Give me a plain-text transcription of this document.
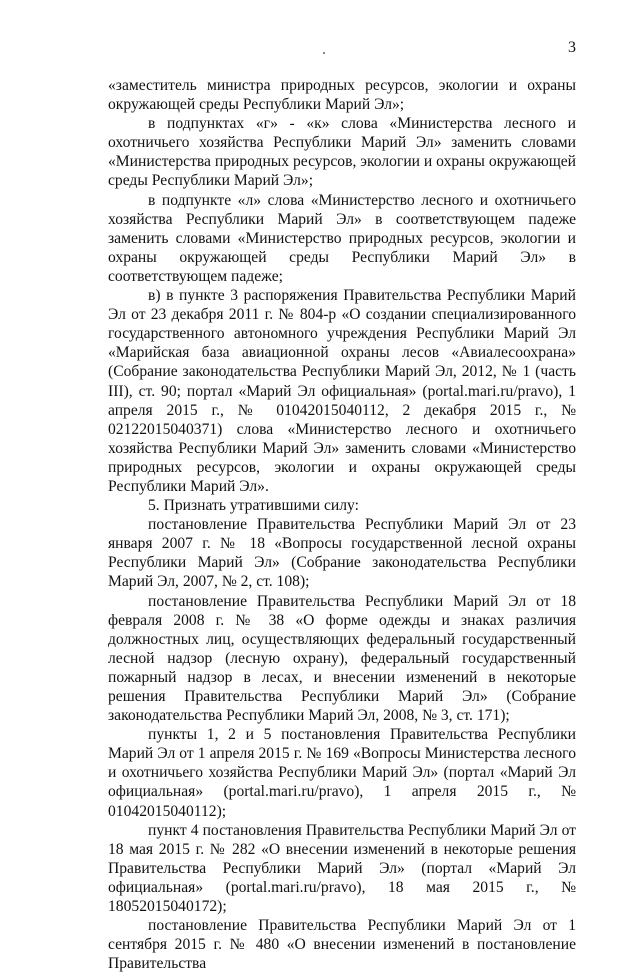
3

«заместитель министра природных ресурсов, экологии и охраны окружающей среды Республики Марий Эл»;

в подпунктах «г» - «к» слова «Министерства лесного и охотничьего хозяйства Республики Марий Эл» заменить словами «Министерства природных ресурсов, экологии и охраны окружающей среды Республики Марий Эл»;

в подпункте «л» слова «Министерство лесного и охотничьего хозяйства Республики Марий Эл» в соответствующем падеже заменить словами «Министерство природных ресурсов, экологии и охраны окружающей среды Республики Марий Эл» в соответствующем падеже;

в) в пункте 3 распоряжения Правительства Республики Марий Эл от 23 декабря 2011 г. № 804-р «О создании специализированного государственного автономного учреждения Республики Марий Эл «Марийская база авиационной охраны лесов «Авиалесоохрана» (Собрание законодательства Республики Марий Эл, 2012, № 1 (часть III), ст. 90; портал «Марий Эл официальная» (portal.mari.ru/pravo), 1 апреля 2015 г., № 01042015040112, 2 декабря 2015 г., № 02122015040371) слова «Министерство лесного и охотничьего хозяйства Республики Марий Эл» заменить словами «Министерство природных ресурсов, экологии и охраны окружающей среды Республики Марий Эл».

5. Признать утратившими силу:

постановление Правительства Республики Марий Эл от 23 января 2007 г. № 18 «Вопросы государственной лесной охраны Республики Марий Эл» (Собрание законодательства Республики Марий Эл, 2007, № 2, ст. 108);

постановление Правительства Республики Марий Эл от 18 февраля 2008 г. № 38 «О форме одежды и знаках различия должностных лиц, осуществляющих федеральный государственный лесной надзор (лесную охрану), федеральный государственный пожарный надзор в лесах, и внесении изменений в некоторые решения Правительства Республики Марий Эл» (Собрание законодательства Республики Марий Эл, 2008, № 3, ст. 171);

пункты 1, 2 и 5 постановления Правительства Республики Марий Эл от 1 апреля 2015 г. № 169 «Вопросы Министерства лесного и охотничьего хозяйства Республики Марий Эл» (портал «Марий Эл официальная» (portal.mari.ru/pravo), 1 апреля 2015 г., № 01042015040112);

пункт 4 постановления Правительства Республики Марий Эл от 18 мая 2015 г. № 282 «О внесении изменений в некоторые решения Правительства Республики Марий Эл» (портал «Марий Эл официальная» (portal.mari.ru/pravo), 18 мая 2015 г., № 18052015040172);

постановление Правительства Республики Марий Эл от 1 сентября 2015 г. № 480 «О внесении изменений в постановление Правительства
